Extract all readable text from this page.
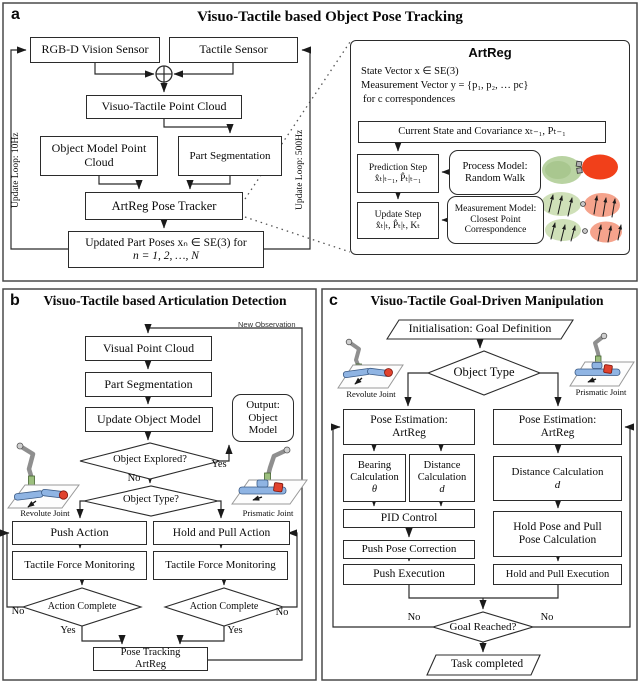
a	Visuo-Tactile based Object Pose Tracking
RGB-D Vision Sensor	Tactile Sensor
Visuo-Tactile Point Cloud
Object Model Point Cloud	Part Segmentation
ArtReg Pose Tracker
Updated Part Poses xₙ ∈ SE(3) for
n = 1, 2, …, N
Update Loop: 10Hz	Update Loop: 500Hz
ArtReg
State Vector x ∈ SE(3)
Measurement Vector y = {p₁, p₂, … pc}
for c correspondences
Current State and Covariance xₜ₋₁, Pₜ₋₁
Prediction Step
x̂ₜ|ₜ₋₁, P̂ₜ|ₜ₋₁
Process Model:
Random Walk
Update Step
x̂ₜ|ₜ, P̂ₜ|ₜ, Kₜ
Measurement Model:
Closest Point
Correspondence
b	Visuo-Tactile based Articulation Detection
New Observation
Visual Point Cloud
Part Segmentation
Update Object Model
Output:
Object
Model
Object Explored?	Yes
No
Object Type?
Revolute Joint	Prismatic Joint
Push Action	Hold and Pull Action
Tactile Force Monitoring	Tactile Force Monitoring
Action Complete	Action Complete
No	No
Yes	Yes
Pose Tracking
ArtReg
c	Visuo-Tactile Goal-Driven Manipulation
Initialisation: Goal Definition
Object Type
Revolute Joint	Prismatic Joint
Pose Estimation:
ArtReg
Pose Estimation:
ArtReg
Bearing
Calculation
θ
Distance
Calculation
d
Distance Calculation
d
PID Control
Hold Pose and Pull
Pose Calculation
Push Pose Correction
Push Execution	Hold and Pull Execution
Goal Reached?
No	No
Task completed
